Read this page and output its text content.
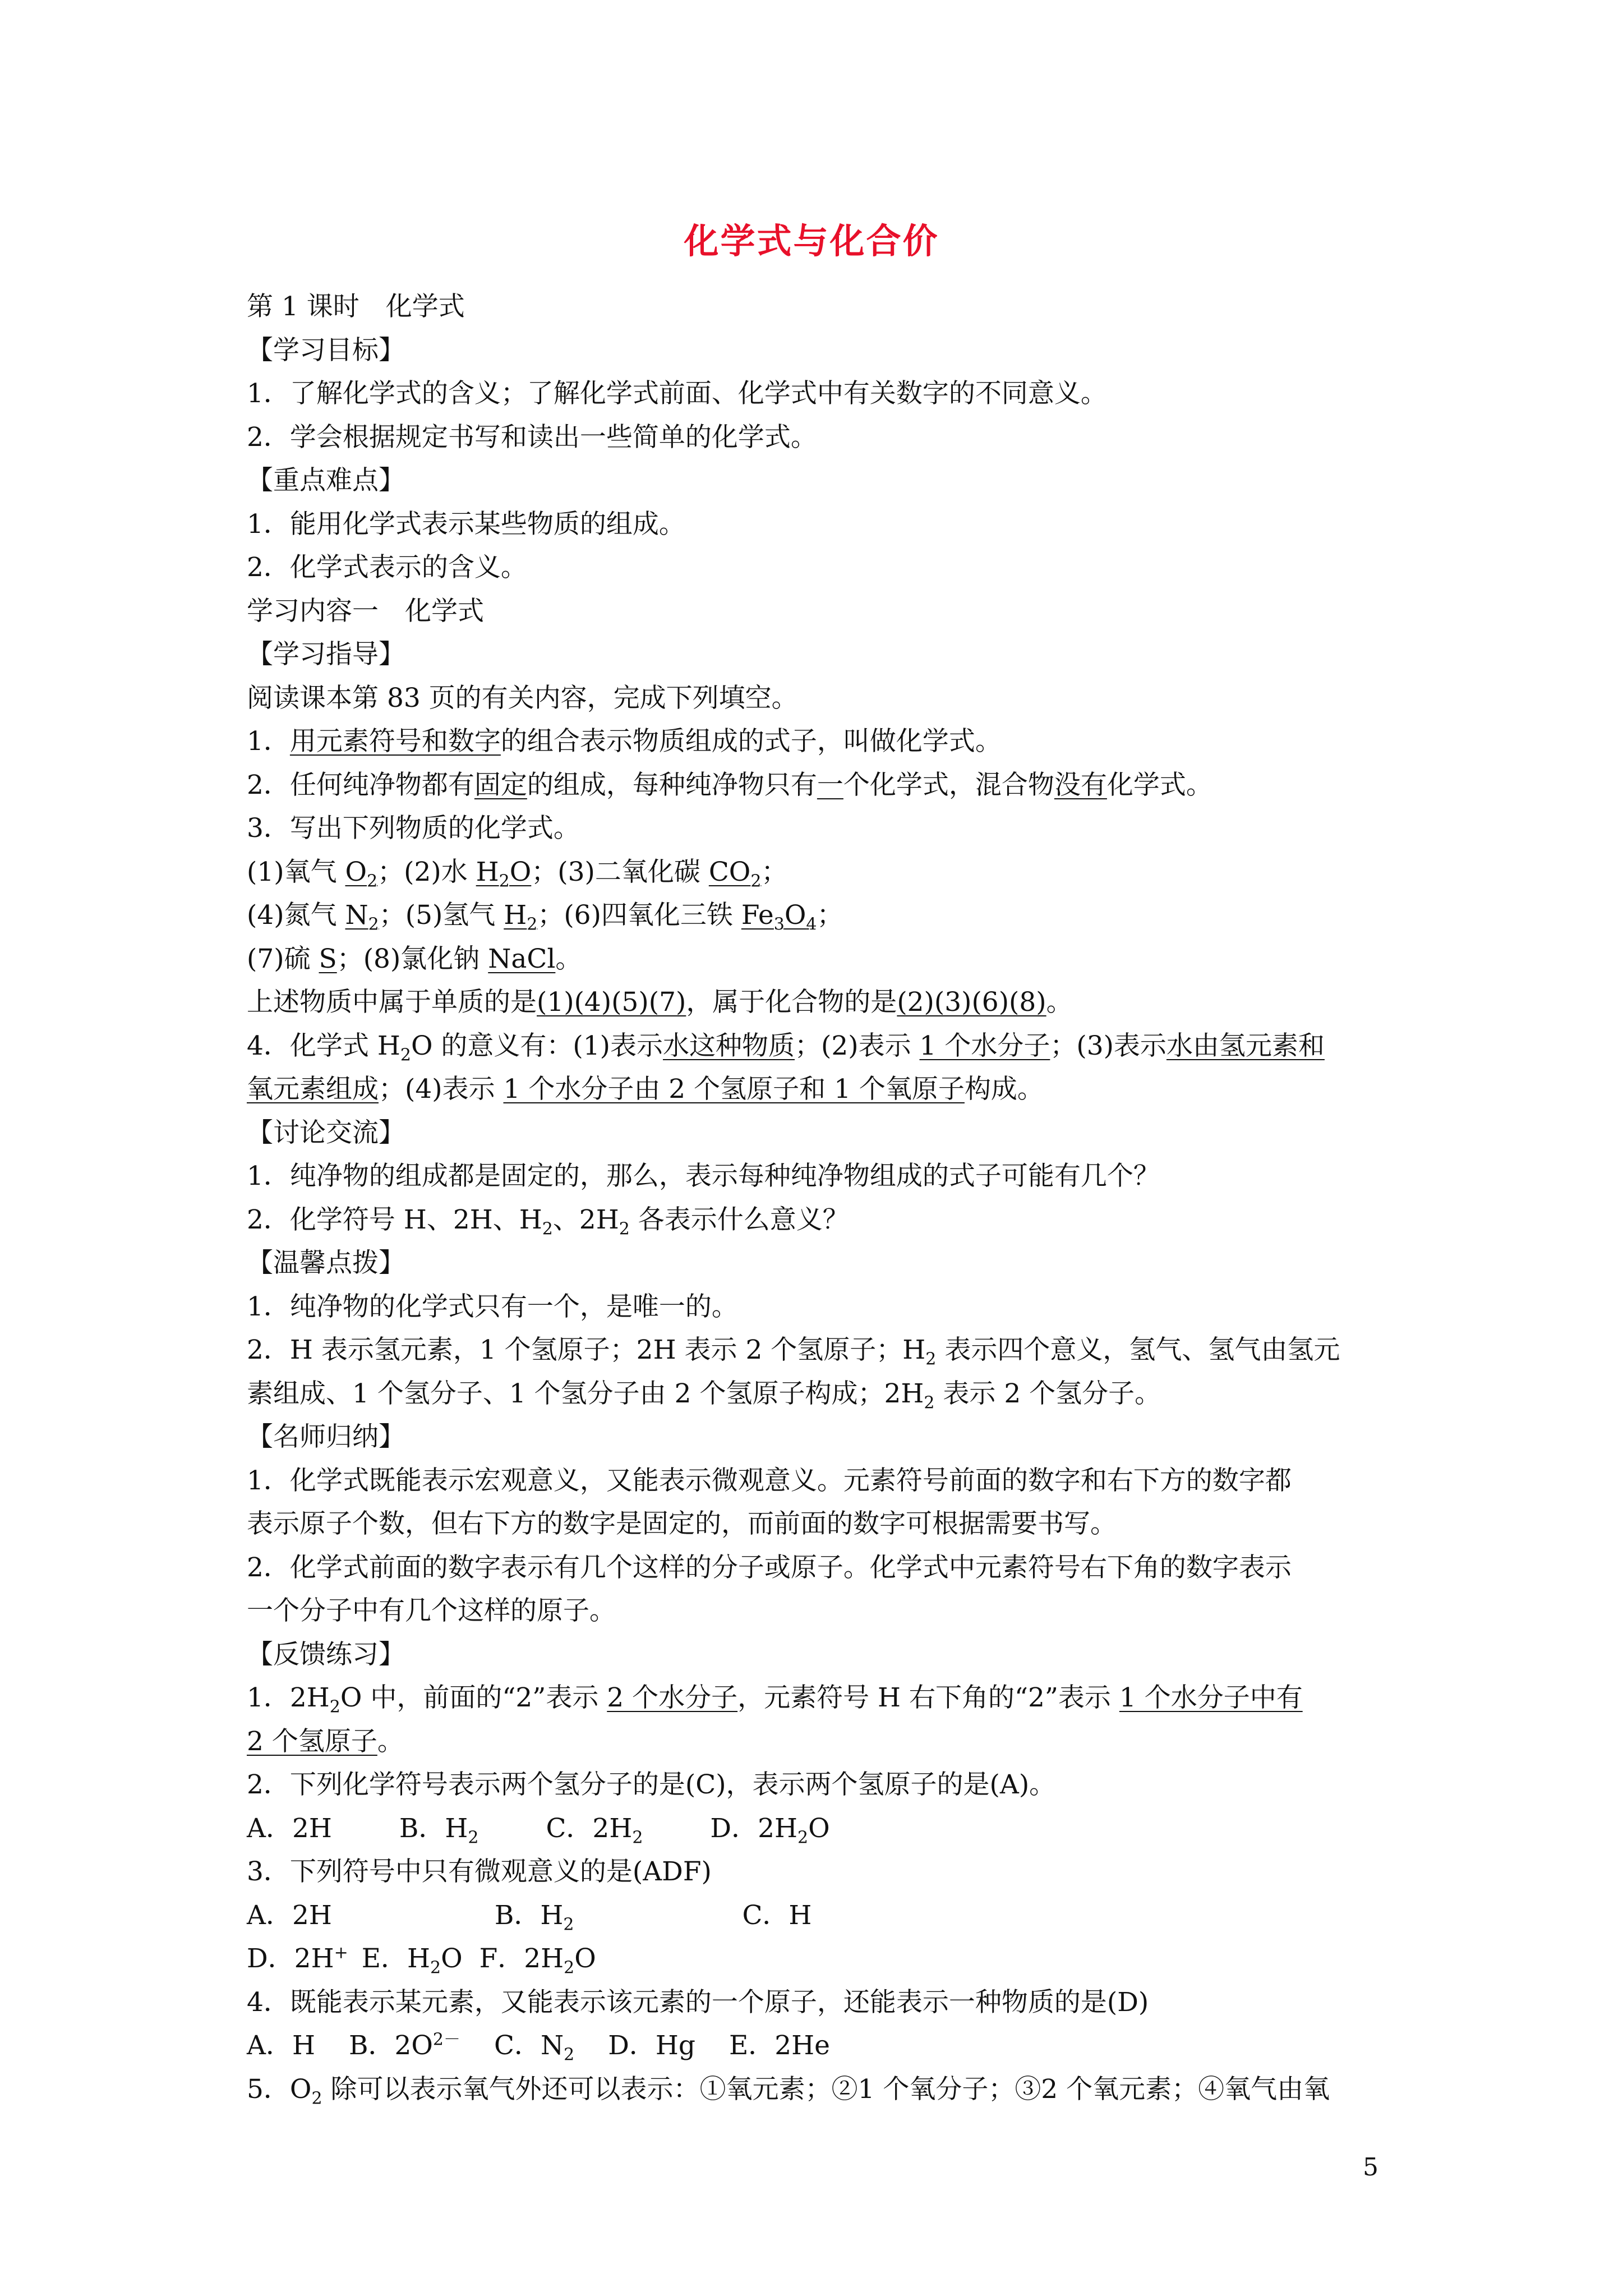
化学式与化合价
第 1 课时　化学式
【学习目标】
1．了解化学式的含义；了解化学式前面、化学式中有关数字的不同意义。
2．学会根据规定书写和读出一些简单的化学式。
【重点难点】
1．能用化学式表示某些物质的组成。
2．化学式表示的含义。
学习内容一　化学式
【学习指导】
阅读课本第 83 页的有关内容，完成下列填空。
1．用元素符号和数字的组合表示物质组成的式子，叫做化学式。
2．任何纯净物都有固定的组成，每种纯净物只有一个化学式，混合物没有化学式。
3．写出下列物质的化学式。
(1)氧气 $O_2$；(2)水 $H_2O$；(3)二氧化碳 $CO_2$；
(4)氮气 $N_2$；(5)氢气 $H_2$；(6)四氧化三铁 $Fe_3O_4$；
(7)硫 S；(8)氯化钠 NaCl。
上述物质中属于单质的是(1)(4)(5)(7)，属于化合物的是(2)(3)(6)(8)。
4．化学式 $H_2O$ 的意义有：(1)表示水这种物质；(2)表示 1 个水分子；(3)表示水由氢元素和
氧元素组成；(4)表示 1 个水分子由 2 个氢原子和 1 个氧原子构成。
【讨论交流】
1．纯净物的组成都是固定的，那么，表示每种纯净物组成的式子可能有几个？
2．化学符号 H、2H、$H_2$、$2H_2$ 各表示什么意义？
【温馨点拨】
1．纯净物的化学式只有一个，是唯一的。
2．H 表示氢元素，1 个氢原子；2H 表示 2 个氢原子；$H_2$ 表示四个意义，氢气、氢气由氢元
素组成、1 个氢分子、1 个氢分子由 2 个氢原子构成；$2H_2$ 表示 2 个氢分子。
【名师归纳】
1．化学式既能表示宏观意义，又能表示微观意义。元素符号前面的数字和右下方的数字都
表示原子个数，但右下方的数字是固定的，而前面的数字可根据需要书写。
2．化学式前面的数字表示有几个这样的分子或原子。化学式中元素符号右下角的数字表示
一个分子中有几个这样的原子。
【反馈练习】
1．$2H_2O$ 中，前面的“2”表示 2 个水分子，元素符号 H 右下角的“2”表示 1 个水分子中有
2 个氢原子。
2．下列化学符号表示两个氢分子的是(C)，表示两个氢原子的是(A)。
A．2H	B．$H_2$	C．$2H_2$	D．$2H_2O$
3．下列符号中只有微观意义的是(ADF)
A．2H	B．$H_2$	C．H
D．2H+ E．$H_2O$ F．$2H_2O$
4．既能表示某元素，又能表示该元素的一个原子，还能表示一种物质的是(D)
A．H B．$2O^{2-}$ C．$N_2$ D．Hg E．2He
5．$O_2$ 除可以表示氧气外还可以表示：①氧元素；②1 个氧分子；③2 个氧元素；④氧气由氧
5
